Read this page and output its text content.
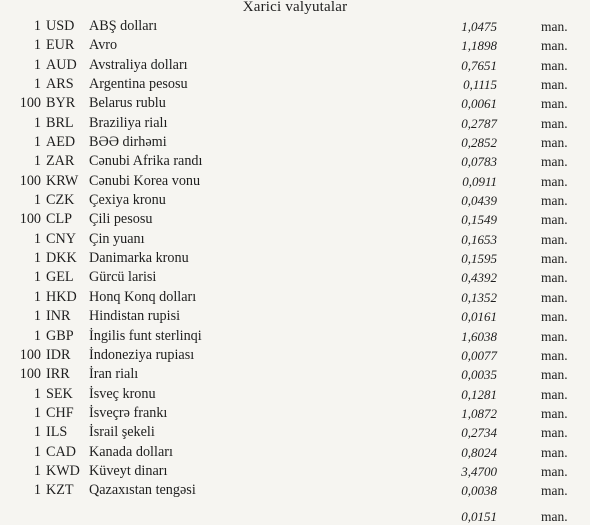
Xarici valyutalar
1 USD ABŞ dolları	1,0475	man.
1 EUR Avro	1,1898	man.
1 AUD Avstraliya dolları	0,7651	man.
1 ARS Argentina pesosu	0,1115	man.
100 BYR Belarus rublu	0,0061	man.
1 BRL Braziliya rialı	0,2787	man.
1 AED BƏƏ dirhəmi	0,2852	man.
1 ZAR Cənubi Afrika randı	0,0783	man.
100 KRW Cənubi Korea vonu	0,0911	man.
1 CZK Çexiya kronu	0,0439	man.
100 CLP Çili pesosu	0,1549	man.
1 CNY Çin yuanı	0,1653	man.
1 DKK Danimarka kronu	0,1595	man.
1 GEL Gürcü larisi	0,4392	man.
1 HKD Honq Konq dolları	0,1352	man.
1 INR Hindistan rupisi	0,0161	man.
1 GBP İngilis funt sterlinqi	1,6038	man.
100 IDR İndoneziya rupiası	0,0077	man.
100 IRR İran rialı	0,0035	man.
1 SEK İsveç kronu	0,1281	man.
1 CHF İsveçrə frankı	1,0872	man.
1 ILS İsrail şekeli	0,2734	man.
1 CAD Kanada dolları	0,8024	man.
1 KWD Küveyt dinarı	3,4700	man.
1 KZT Qazaxıstan tengəsi	0,0038	man.
0,0151	man.
